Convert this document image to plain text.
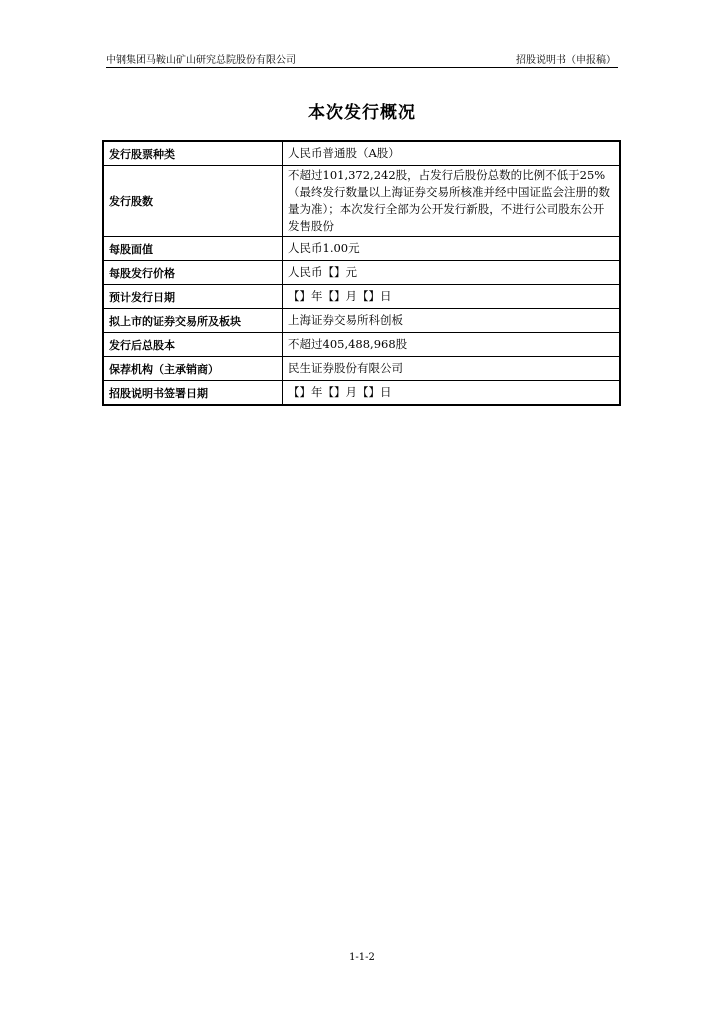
中钢集团马鞍山矿山研究总院股份有限公司	招股说明书（申报稿）
本次发行概况
发行股票种类	人民币普通股（A股）
发行股数	不超过101,372,242股，占发行后股份总数的比例不低于25%（最终发行数量以上海证券交易所核准并经中国证监会注册的数量为准）；本次发行全部为公开发行新股，不进行公司股东公开发售股份
每股面值	人民币1.00元
每股发行价格	人民币【】元
预计发行日期	【】年【】月【】日
拟上市的证券交易所及板块	上海证券交易所科创板
发行后总股本	不超过405,488,968股
保荐机构（主承销商）	民生证券股份有限公司
招股说明书签署日期	【】年【】月【】日
1-1-2
